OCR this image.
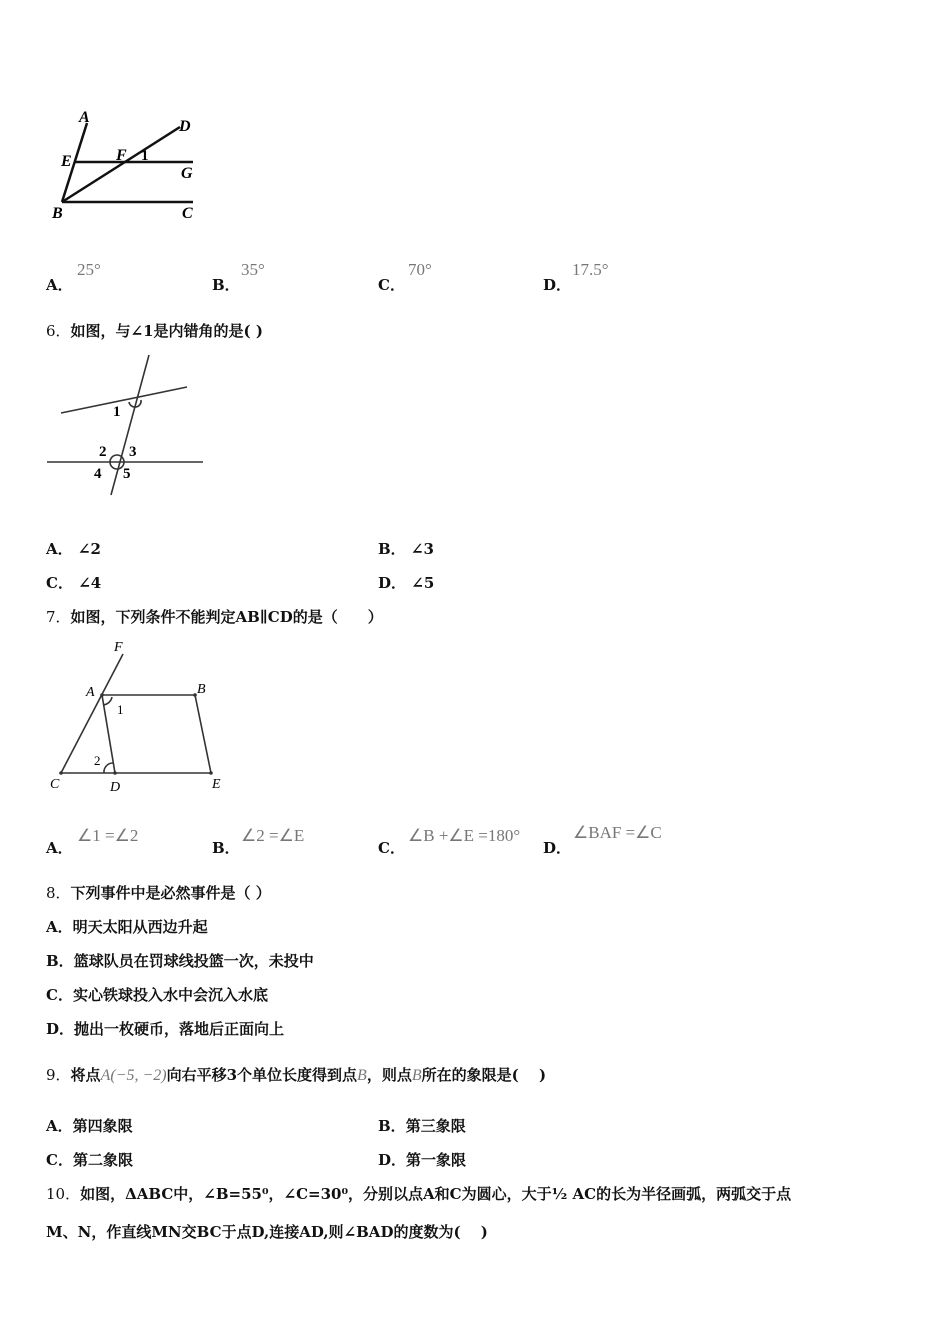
A
D
E	F 1
G
B	C
A．
25°
B．
35°
C．
70°
D．
17.5°
6．如图，与∠1是内错角的是( )
1
2 3
4 5
A． ∠2	B． ∠3
C． ∠4	D． ∠5
7．如图，下列条件不能判定AB∥CD的是（　　）
F
A	B
1
2
C	D	E
A．
∠1 =∠2
B．
∠2 =∠E
C．
∠B +∠E =180°
D．
∠BAF =∠C
8．下列事件中是必然事件是（ ）
A．明天太阳从西边升起
B．篮球队员在罚球线投篮一次，未投中
C．实心铁球投入水中会沉入水底
D．抛出一枚硬币，落地后正面向上
9．将点A(−5, −2)向右平移3个单位长度得到点B，则点B所在的象限是(　 )
A．第四象限	B．第三象限
C．第二象限	D．第一象限
10．如图，ΔABC中，∠B=55⁰，∠C=30⁰，分别以点A和C为圆心，大于½ AC的长为半径画弧，两弧交于点
M、N，作直线MN交BC于点D,连接AD,则∠BAD的度数为(　 )
